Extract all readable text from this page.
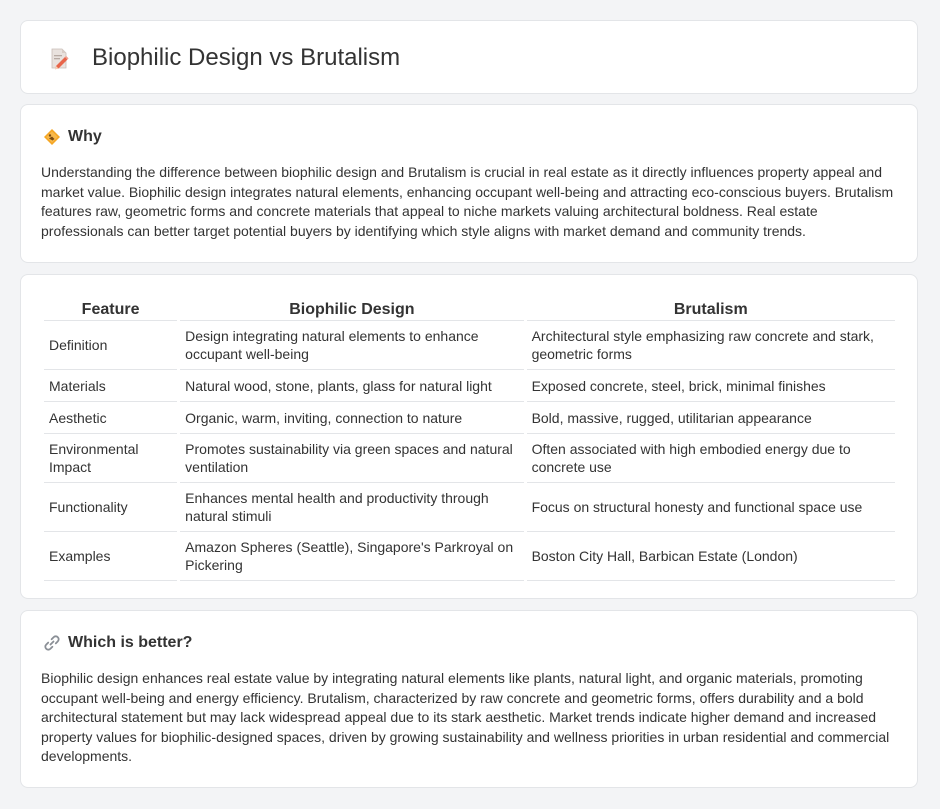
Biophilic Design vs Brutalism
Why

Understanding the difference between biophilic design and Brutalism is crucial in real estate as it directly influences property appeal and market value. Biophilic design integrates natural elements, enhancing occupant well-being and attracting eco-conscious buyers. Brutalism features raw, geometric forms and concrete materials that appeal to niche markets valuing architectural boldness. Real estate professionals can better target potential buyers by identifying which style aligns with market demand and community trends.

Feature	Biophilic Design	Brutalism
Definition	Design integrating natural elements to enhance occupant well-being	Architectural style emphasizing raw concrete and stark, geometric forms
Materials	Natural wood, stone, plants, glass for natural light	Exposed concrete, steel, brick, minimal finishes
Aesthetic	Organic, warm, inviting, connection to nature	Bold, massive, rugged, utilitarian appearance
Environmental Impact	Promotes sustainability via green spaces and natural ventilation	Often associated with high embodied energy due to concrete use
Functionality	Enhances mental health and productivity through natural stimuli	Focus on structural honesty and functional space use
Examples	Amazon Spheres (Seattle), Singapore's Parkroyal on Pickering	Boston City Hall, Barbican Estate (London)
Which is better?

Biophilic design enhances real estate value by integrating natural elements like plants, natural light, and organic materials, promoting occupant well-being and energy efficiency. Brutalism, characterized by raw concrete and geometric forms, offers durability and a bold architectural statement but may lack widespread appeal due to its stark aesthetic. Market trends indicate higher demand and increased property values for biophilic-designed spaces, driven by growing sustainability and wellness priorities in urban residential and commercial developments.
